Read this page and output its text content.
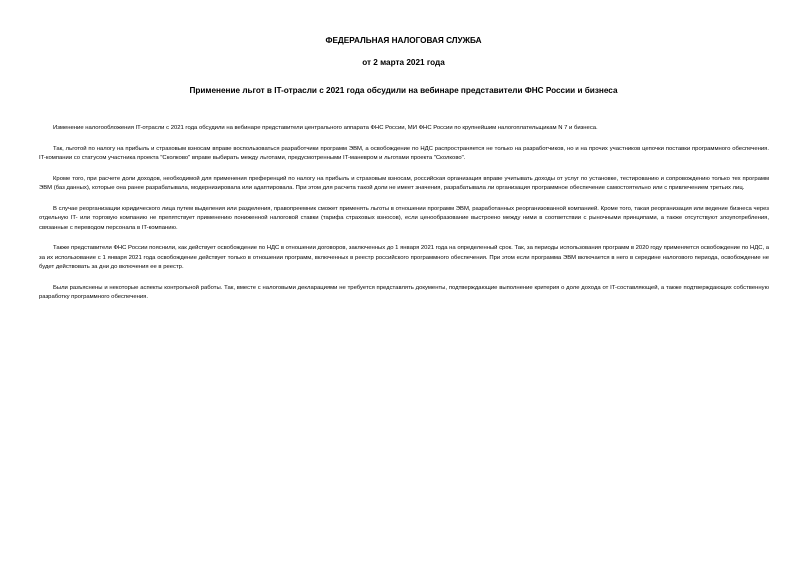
ФЕДЕРАЛЬНАЯ НАЛОГОВАЯ СЛУЖБА
от 2 марта 2021 года
Применение льгот в IT-отрасли с 2021 года обсудили на вебинаре представители ФНС России и бизнеса

Изменение налогообложения IT-отрасли с 2021 года обсудили на вебинаре представители центрального аппарата ФНС России, МИ ФНС России по крупнейшим налогоплательщикам N 7 и бизнеса.

Так, льготой по налогу на прибыль и страховым взносам вправе воспользоваться разработчики программ ЭВМ, а освобождение по НДС распространяется не только на разработчиков, но и на прочих участников цепочки поставки программного обеспечения. IT-компании со статусом участника проекта "Сколково" вправе выбирать между льготами, предусмотренными IT-маневром и льготами проекта "Сколково".

Кроме того, при расчете доли доходов, необходимой для применения преференций по налогу на прибыль и страховым взносам, российская организация вправе учитывать доходы от услуг по установке, тестированию и сопровождению только тех программ ЭВМ (баз данных), которые она ранее разрабатывала, модернизировала или адаптировала. При этом для расчета такой доли не имеет значения, разрабатывала ли организация программное обеспечение самостоятельно или с привлечением третьих лиц.

В случае реорганизации юридического лица путем выделения или разделения, правопреемник сможет применять льготы в отношении программ ЭВМ, разработанных реорганизованной компанией. Кроме того, такая реорганизация или ведение бизнеса через отдельную IT- или торговую компанию не препятствует применению пониженной налоговой ставки (тарифа страховых взносов), если ценообразование выстроено между ними в соответствии с рыночными принципами, а также отсутствуют злоупотребления, связанные с переводом персонала в IT-компанию.

Также представители ФНС России пояснили, как действует освобождение по НДС в отношении договоров, заключенных до 1 января 2021 года на определенный срок. Так, за периоды использования программ в 2020 году применяется освобождение по НДС, а за их использование с 1 января 2021 года освобождение действует только в отношении программ, включенных в реестр российского программного обеспечения. При этом если программа ЭВМ включается в него в середине налогового периода, освобождение не будет действовать за дни до включения ее в реестр.

Были разъяснены и некоторые аспекты контрольной работы. Так, вместе с налоговыми декларациями не требуется представлять документы, подтверждающие выполнение критерия о доле дохода от IT-составляющей, а также подтверждающих собственную разработку программного обеспечения.
